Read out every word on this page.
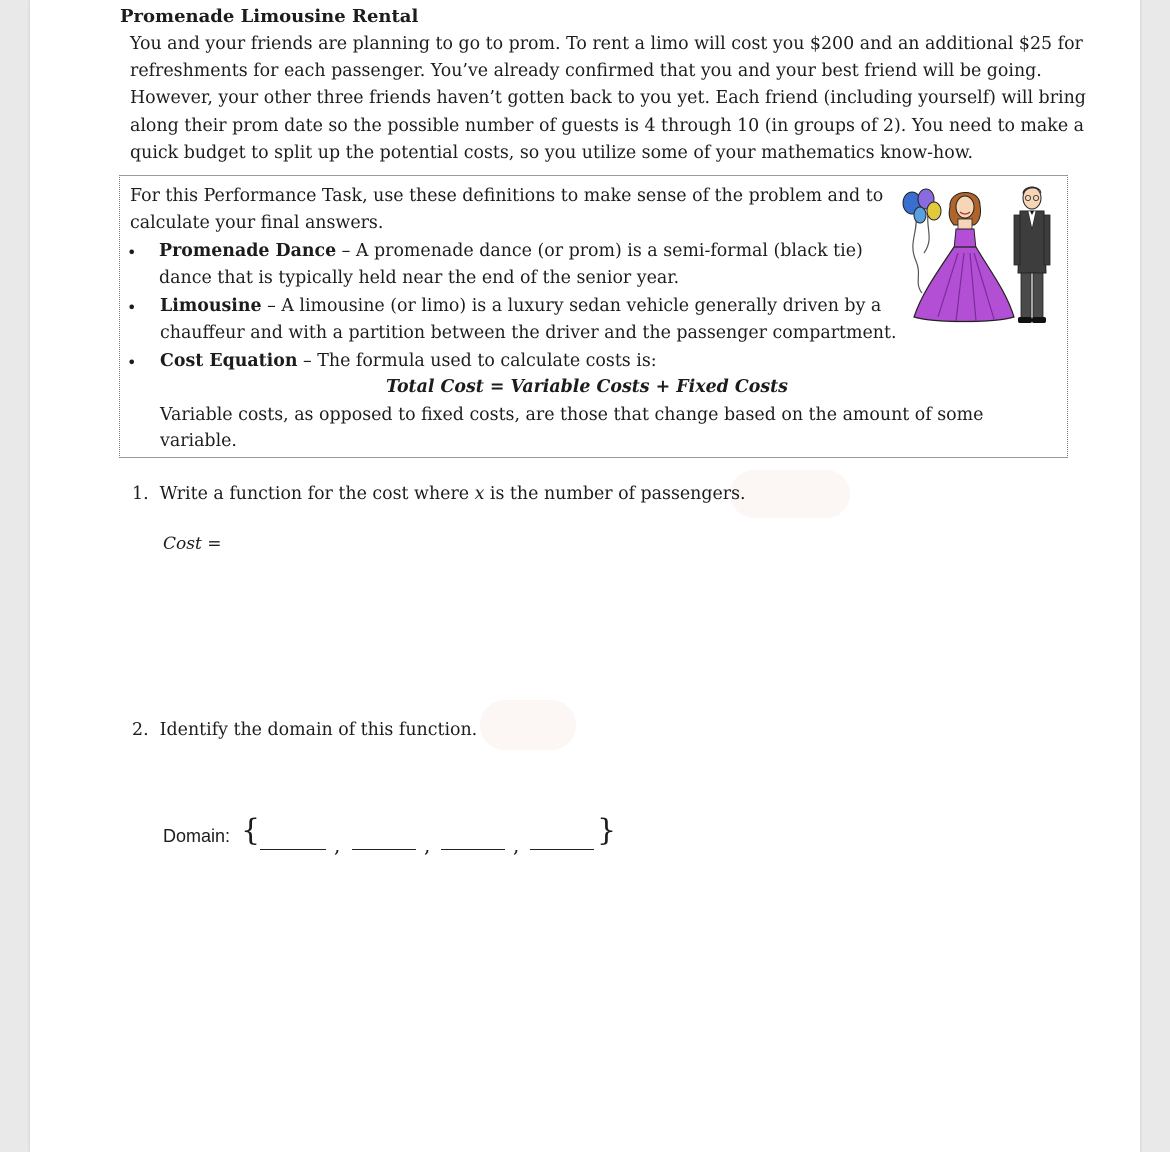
Promenade Limousine Rental
You and your friends are planning to go to prom. To rent a limo will cost you $200 and an additional $25 for
refreshments for each passenger. You’ve already confirmed that you and your best friend will be going.
However, your other three friends haven’t gotten back to you yet. Each friend (including yourself) will bring
along their prom date so the possible number of guests is 4 through 10 (in groups of 2). You need to make a
quick budget to split up the potential costs, so you utilize some of your mathematics know-how.
For this Performance Task, use these definitions to make sense of the problem and to
calculate your final answers.
• Promenade Dance – A promenade dance (or prom) is a semi-formal (black tie)
dance that is typically held near the end of the senior year.
• Limousine – A limousine (or limo) is a luxury sedan vehicle generally driven by a
chauffeur and with a partition between the driver and the passenger compartment.
• Cost Equation – The formula used to calculate costs is:
Total Cost = Variable Costs + Fixed Costs
Variable costs, as opposed to fixed costs, are those that change based on the amount of some
variable.
1. Write a function for the cost where x is the number of passengers.
Cost =
2. Identify the domain of this function.
Domain: {	,	,	,	}
